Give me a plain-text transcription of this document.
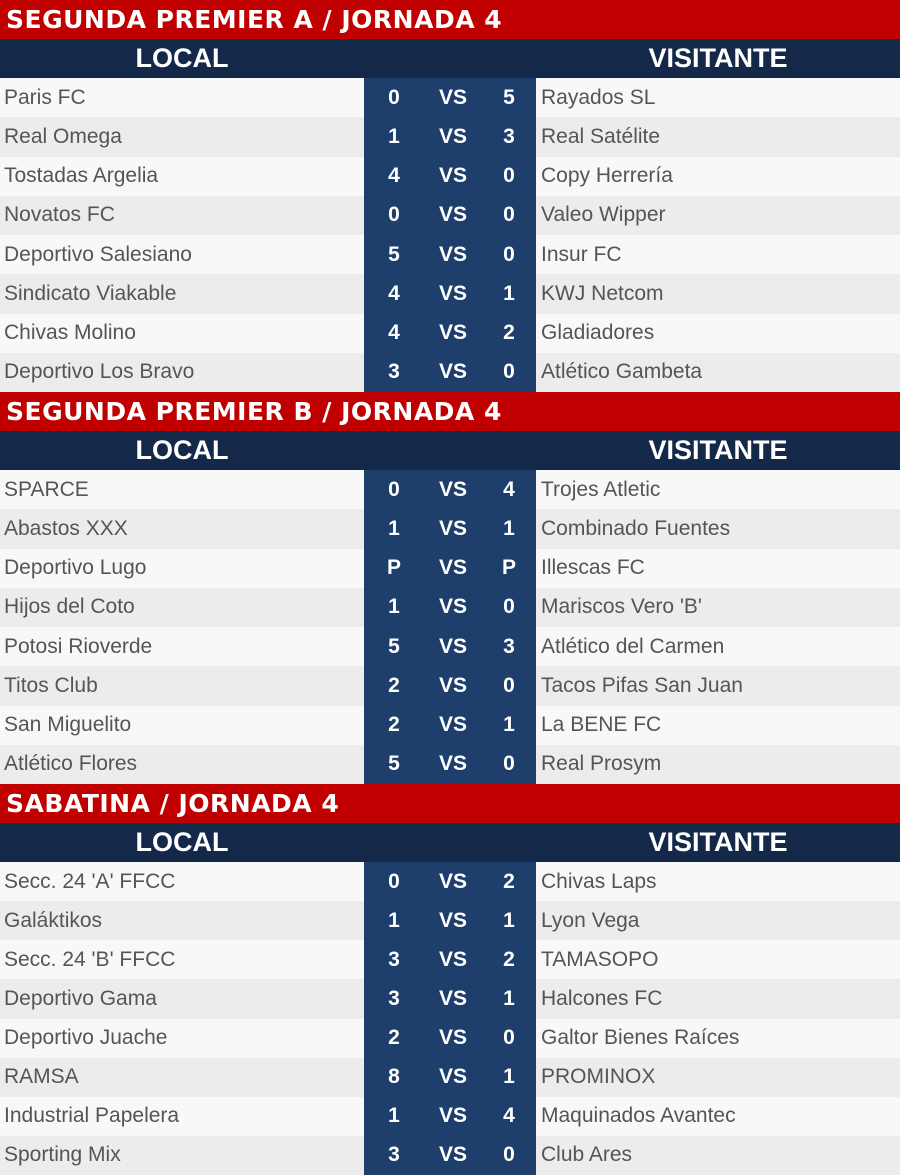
SEGUNDA PREMIER A / JORNADA 4
LOCAL	VISITANTE
Paris FC	0	VS	5	Rayados SL
Real Omega	1	VS	3	Real Satélite
Tostadas Argelia	4	VS	0	Copy Herrería
Novatos FC	0	VS	0	Valeo Wipper
Deportivo Salesiano	5	VS	0	Insur FC
Sindicato Viakable	4	VS	1	KWJ Netcom
Chivas Molino	4	VS	2	Gladiadores
Deportivo Los Bravo	3	VS	0	Atlético Gambeta
SEGUNDA PREMIER B / JORNADA 4
LOCAL	VISITANTE
SPARCE	0	VS	4	Trojes Atletic
Abastos XXX	1	VS	1	Combinado Fuentes
Deportivo Lugo	P	VS	P	Illescas FC
Hijos del Coto	1	VS	0	Mariscos Vero 'B'
Potosi Rioverde	5	VS	3	Atlético del Carmen
Titos Club	2	VS	0	Tacos Pifas San Juan
San Miguelito	2	VS	1	La BENE FC
Atlético Flores	5	VS	0	Real Prosym
SABATINA / JORNADA 4
LOCAL	VISITANTE
Secc. 24 'A' FFCC	0	VS	2	Chivas Laps
Galáktikos	1	VS	1	Lyon Vega
Secc. 24 'B' FFCC	3	VS	2	TAMASOPO
Deportivo Gama	3	VS	1	Halcones FC
Deportivo Juache	2	VS	0	Galtor Bienes Raíces
RAMSA	8	VS	1	PROMINOX
Industrial Papelera	1	VS	4	Maquinados Avantec
Sporting Mix	3	VS	0	Club Ares
